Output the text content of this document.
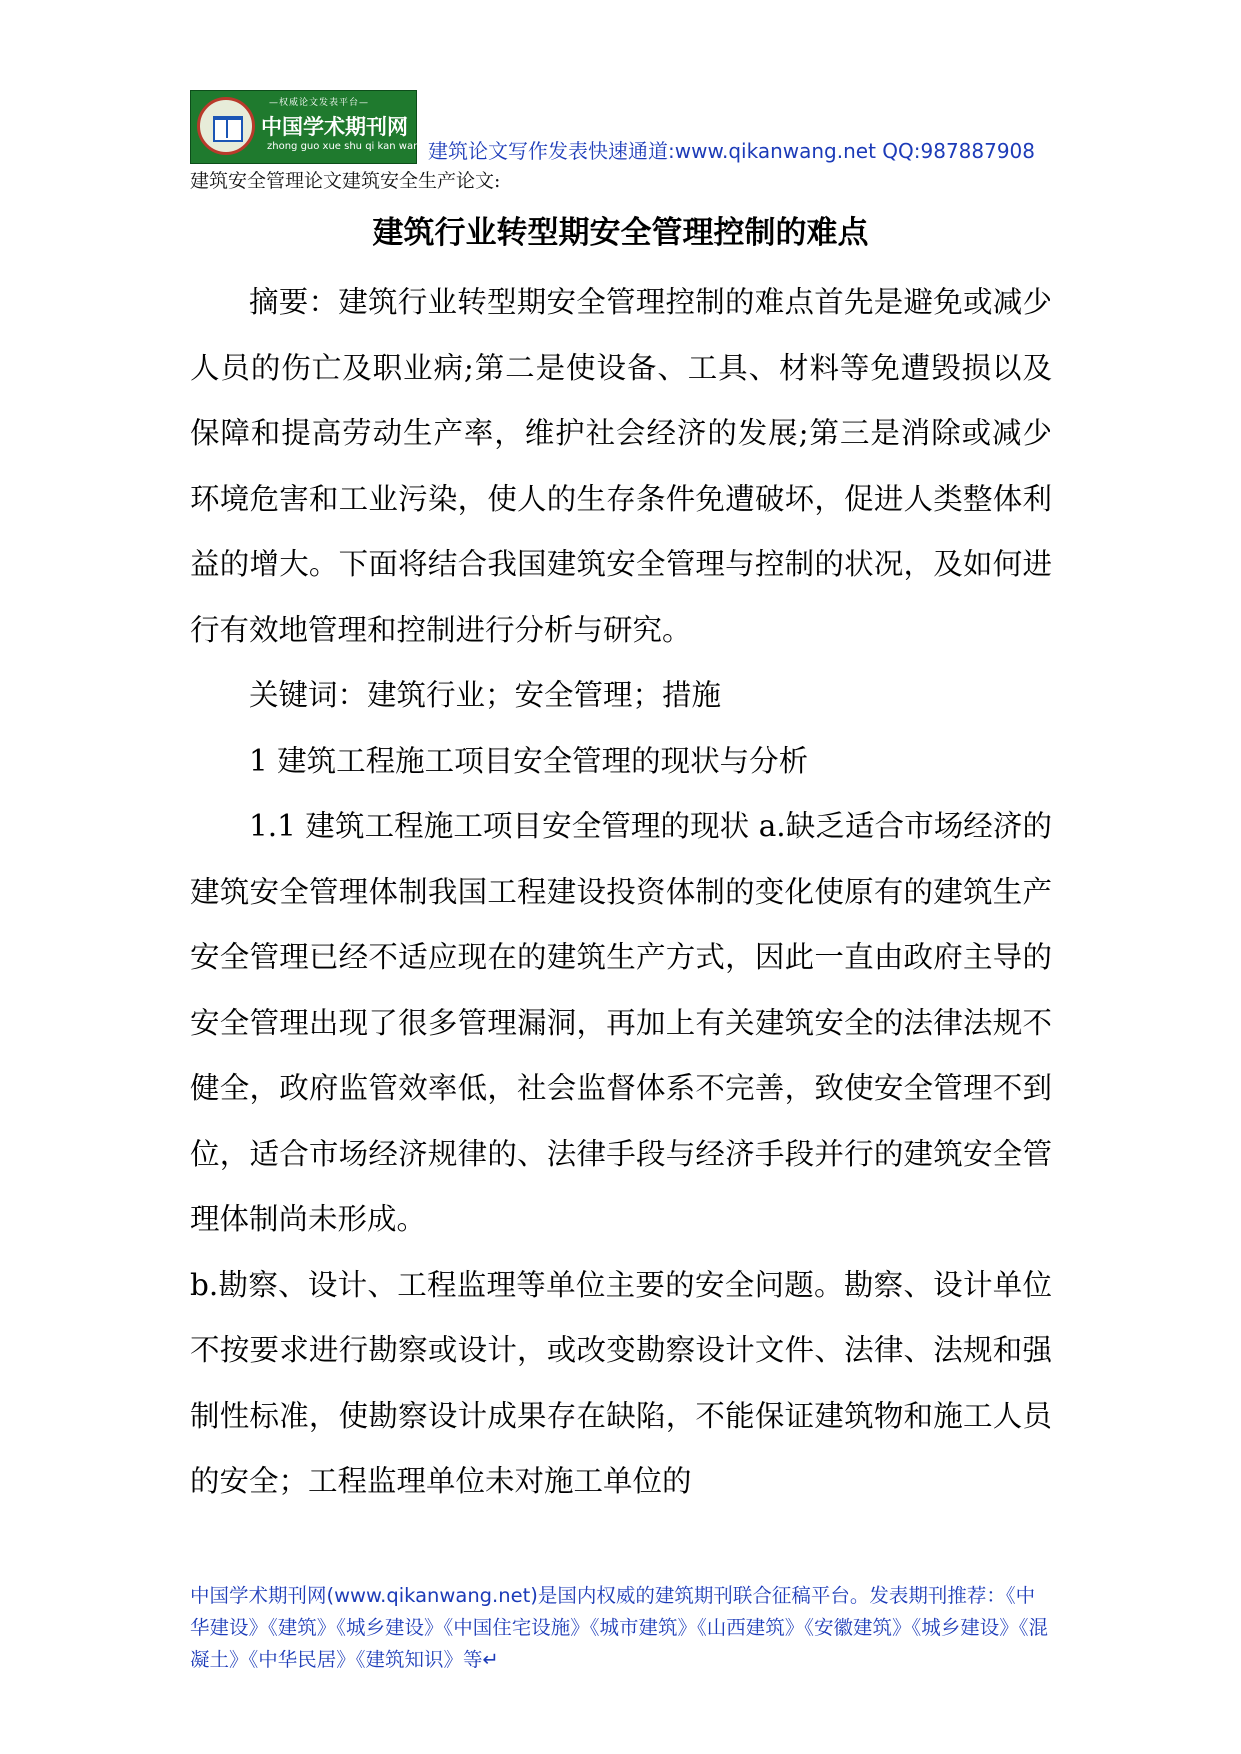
—权威论文发表平台—
中国学术期刊网
zhong guo xue shu qi kan wang 建筑论文写作发表快速通道:www.qikanwang.net QQ:987887908
建筑安全管理论文建筑安全生产论文:
建筑行业转型期安全管理控制的难点

摘要：建筑行业转型期安全管理控制的难点首先是避免或减少人员的伤亡及职业病;第二是使设备、工具、材料等免遭毁损以及保障和提高劳动生产率，维护社会经济的发展;第三是消除或减少环境危害和工业污染，使人的生存条件免遭破坏，促进人类整体利益的增大。下面将结合我国建筑安全管理与控制的状况，及如何进行有效地管理和控制进行分析与研究。

关键词：建筑行业；安全管理；措施

1 建筑工程施工项目安全管理的现状与分析

1.1 建筑工程施工项目安全管理的现状 a.缺乏适合市场经济的建筑安全管理体制我国工程建设投资体制的变化使原有的建筑生产安全管理已经不适应现在的建筑生产方式，因此一直由政府主导的安全管理出现了很多管理漏洞，再加上有关建筑安全的法律法规不健全，政府监管效率低，社会监督体系不完善，致使安全管理不到位，适合市场经济规律的、法律手段与经济手段并行的建筑安全管理体制尚未形成。

b.勘察、设计、工程监理等单位主要的安全问题。勘察、设计单位不按要求进行勘察或设计，或改变勘察设计文件、法律、法规和强制性标准，使勘察设计成果存在缺陷，不能保证建筑物和施工人员的安全；工程监理单位未对施工单位的

中国学术期刊网(www.qikanwang.net)是国内权威的建筑期刊联合征稿平台。发表期刊推荐：《中华建设》《建筑》《城乡建设》《中国住宅设施》《城市建筑》《山西建筑》《安徽建筑》《城乡建设》《混凝土》《中华民居》《建筑知识》等↵
